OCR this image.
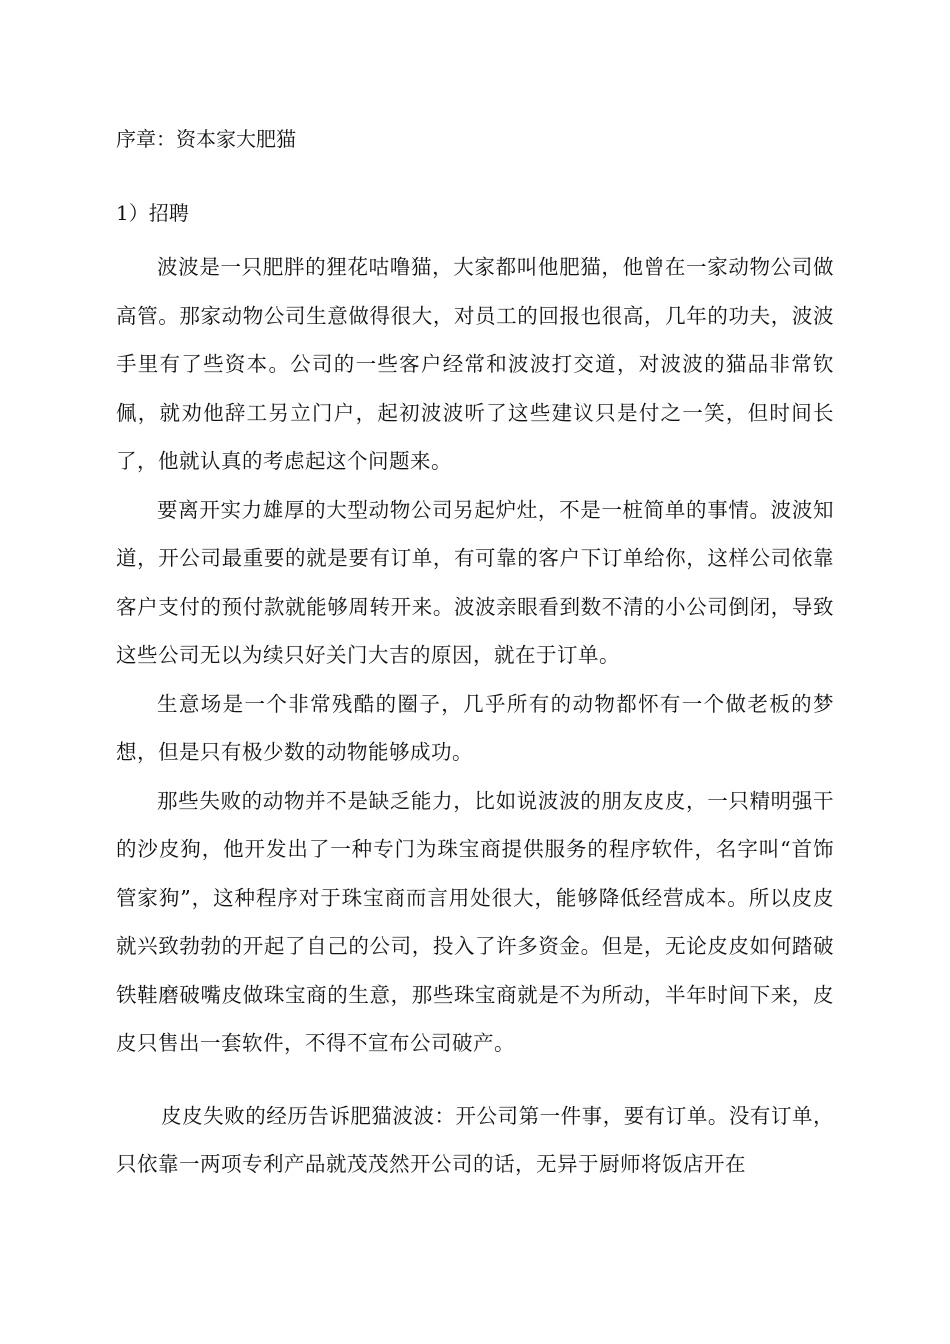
序章：资本家大肥猫
1）招聘

波波是一只肥胖的狸花咕噜猫，大家都叫他肥猫，他曾在一家动物公司做高管。那家动物公司生意做得很大，对员工的回报也很高，几年的功夫，波波手里有了些资本。公司的一些客户经常和波波打交道，对波波的猫品非常钦佩，就劝他辞工另立门户，起初波波听了这些建议只是付之一笑，但时间长了，他就认真的考虑起这个问题来。

要离开实力雄厚的大型动物公司另起炉灶，不是一桩简单的事情。波波知道，开公司最重要的就是要有订单，有可靠的客户下订单给你，这样公司依靠客户支付的预付款就能够周转开来。波波亲眼看到数不清的小公司倒闭，导致这些公司无以为续只好关门大吉的原因，就在于订单。

生意场是一个非常残酷的圈子，几乎所有的动物都怀有一个做老板的梦想，但是只有极少数的动物能够成功。

那些失败的动物并不是缺乏能力，比如说波波的朋友皮皮，一只精明强干的沙皮狗，他开发出了一种专门为珠宝商提供服务的程序软件，名字叫“首饰管家狗”，这种程序对于珠宝商而言用处很大，能够降低经营成本。所以皮皮就兴致勃勃的开起了自己的公司，投入了许多资金。但是，无论皮皮如何踏破铁鞋磨破嘴皮做珠宝商的生意，那些珠宝商就是不为所动，半年时间下来，皮皮只售出一套软件，不得不宣布公司破产。

皮皮失败的经历告诉肥猫波波：开公司第一件事，要有订单。没有订单，只依靠一两项专利产品就茂茂然开公司的话，无异于厨师将饭店开在
